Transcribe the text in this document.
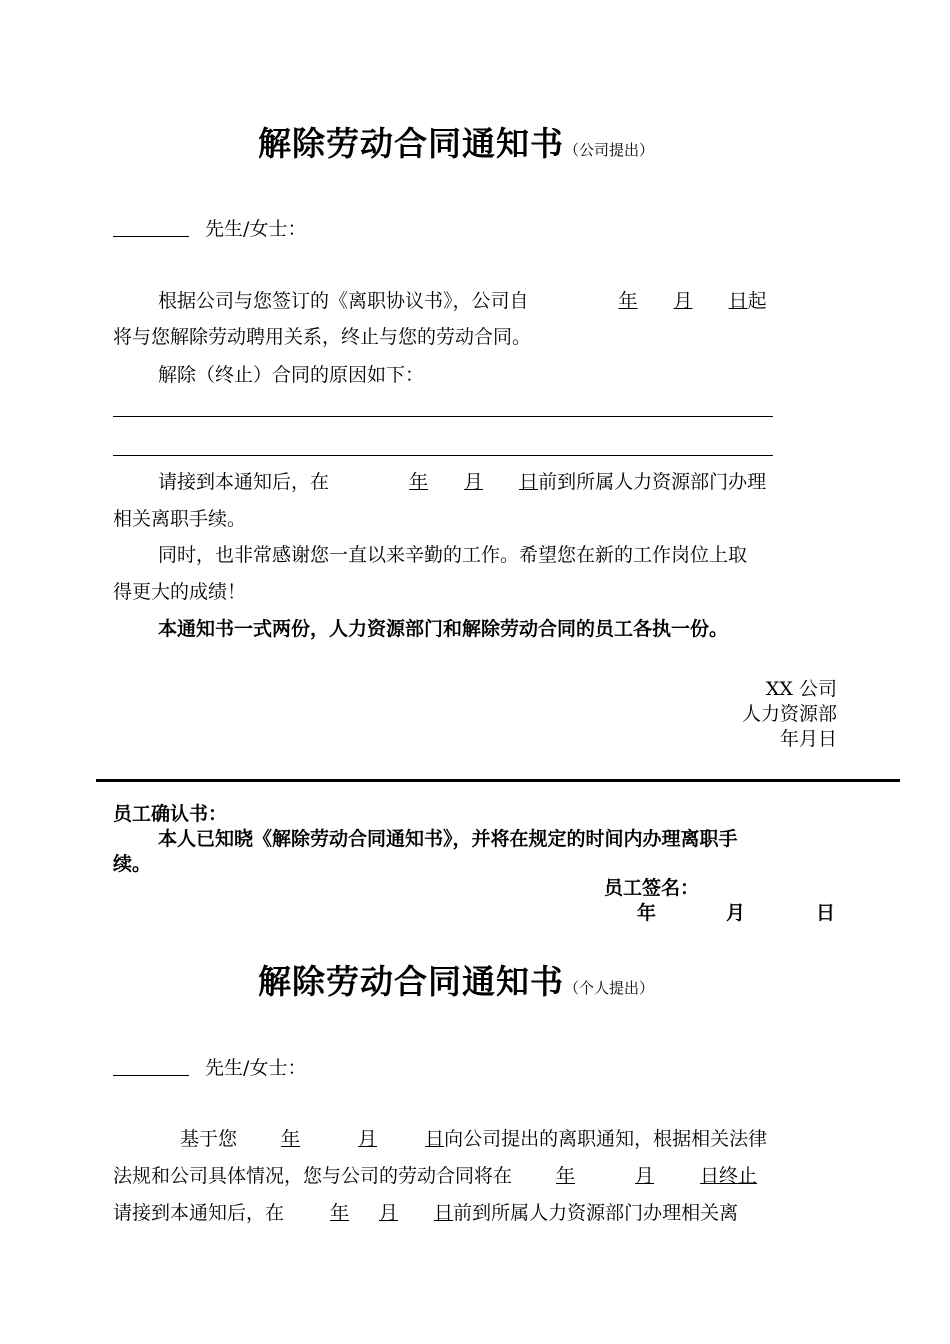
解除劳动合同通知书（公司提出）
先生/女士：
根据公司与您签订的《离职协议书》，公司自	年 月 日起
将与您解除劳动聘用关系，终止与您的劳动合同。
解除（终止）合同的原因如下：
请接到本通知后，在	年 月 日前到所属人力资源部门办理
相关离职手续。
同时，也非常感谢您一直以来辛勤的工作。希望您在新的工作岗位上取
得更大的成绩！
本通知书一式两份，人力资源部门和解除劳动合同的员工各执一份。
XX 公司
人力资源部
年月日
员工确认书：
本人已知晓《解除劳动合同通知书》，并将在规定的时间内办理离职手
续。
员工签名：
年	月	日
解除劳动合同通知书（个人提出）
先生/女士：
基于您 年	月	日向公司提出的离职通知，根据相关法律
法规和公司具体情况，您与公司的劳动合同将在 年	月 日终止
请接到本通知后，在 年 月 日前到所属人力资源部门办理相关离
